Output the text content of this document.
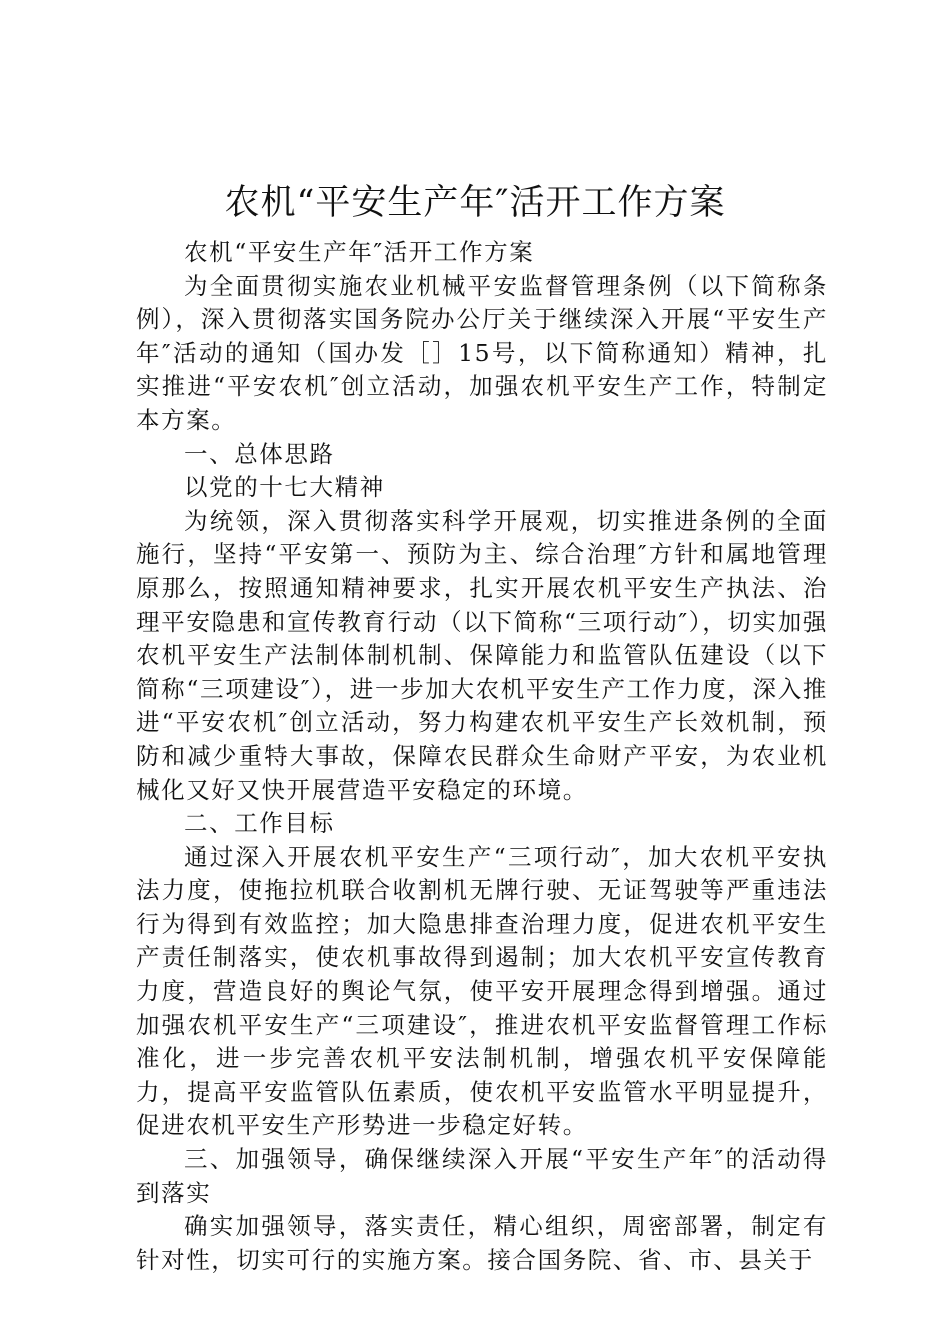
农机“平安生产年″活开工作方案

农机“平安生产年″活开工作方案

为全面贯彻实施农业机械平安监督管理条例（以下简称条例），深入贯彻落实国务院办公厅关于继续深入开展“平安生产年″活动的通知（国办发［］15号，以下简称通知）精神，扎实推进“平安农机″创立活动，加强农机平安生产工作，特制定本方案。

一、总体思路

以党的十七大精神

为统领，深入贯彻落实科学开展观，切实推进条例的全面施行，坚持“平安第一、预防为主、综合治理″方针和属地管理原那么，按照通知精神要求，扎实开展农机平安生产执法、治理平安隐患和宣传教育行动（以下简称“三项行动″），切实加强农机平安生产法制体制机制、保障能力和监管队伍建设（以下简称“三项建设″），进一步加大农机平安生产工作力度，深入推进“平安农机″创立活动，努力构建农机平安生产长效机制，预防和减少重特大事故，保障农民群众生命财产平安，为农业机械化又好又快开展营造平安稳定的环境。

二、工作目标

通过深入开展农机平安生产“三项行动″，加大农机平安执法力度，使拖拉机联合收割机无牌行驶、无证驾驶等严重违法行为得到有效监控；加大隐患排查治理力度，促进农机平安生产责任制落实，使农机事故得到遏制；加大农机平安宣传教育力度，营造良好的舆论气氛，使平安开展理念得到增强。通过加强农机平安生产“三项建设″，推进农机平安监督管理工作标准化，进一步完善农机平安法制机制，增强农机平安保障能力，提高平安监管队伍素质，使农机平安监管水平明显提升，促进农机平安生产形势进一步稳定好转。

三、加强领导，确保继续深入开展“平安生产年″的活动得到落实

确实加强领导，落实责任，精心组织，周密部署，制定有针对性，切实可行的实施方案。接合国务院、省、市、县关于
